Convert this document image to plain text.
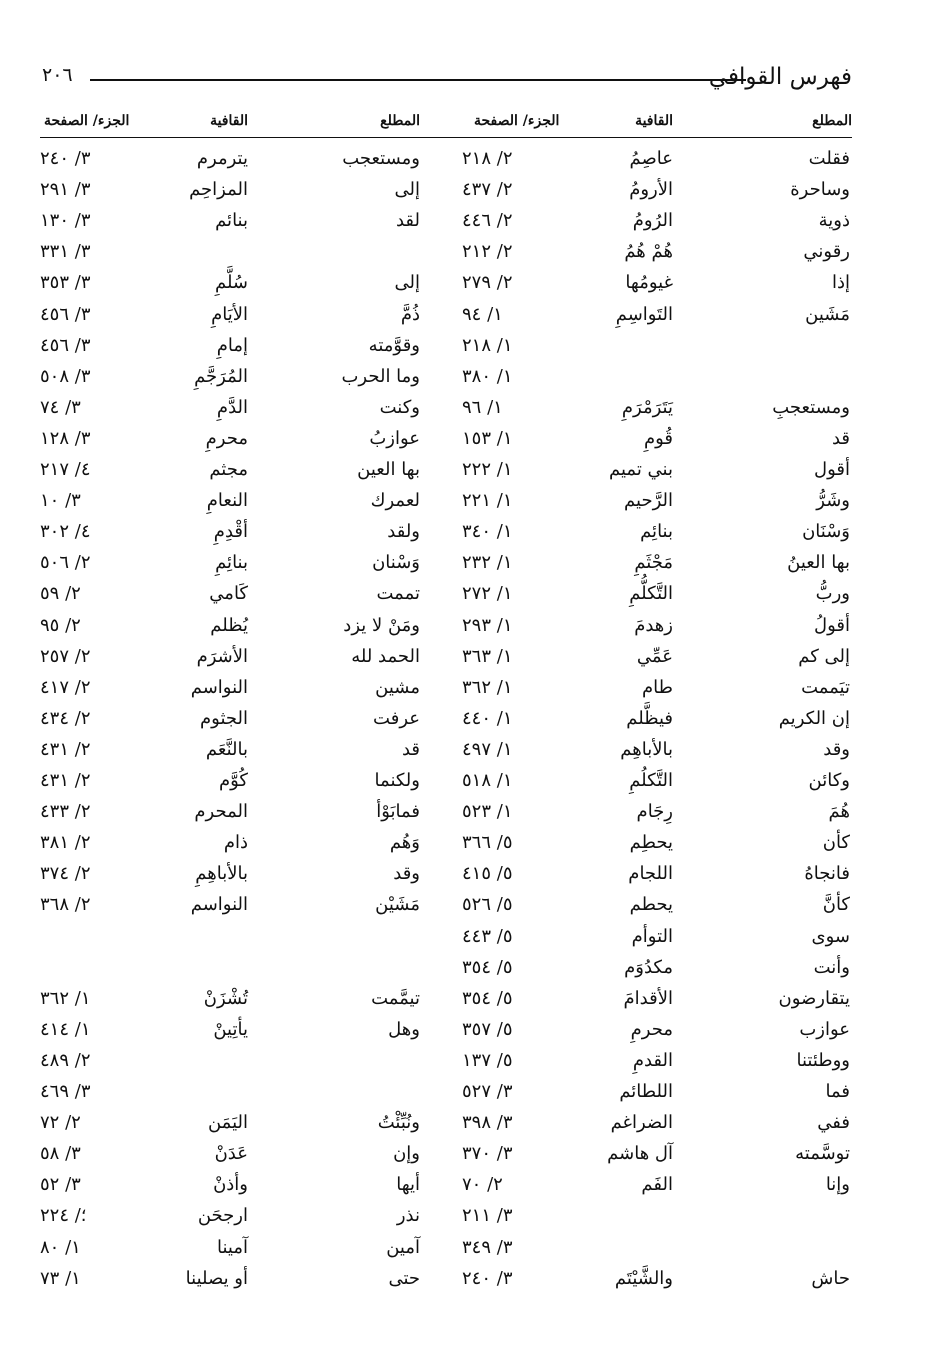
فهرس القوافي
٢٠٦
المطلع
القافية
الجزء/ الصفحة
المطلع
القافية
الجزء/ الصفحة
فقلت
عاصِمُ
٢/ ٢١٨
وساحرة
الأرومُ
٢/ ٤٣٧
ذوية
الرُومُ
٢/ ٤٤٦
رقوني
هُمْ هُمُ
٢/ ٢١٢
إذا
غيومُها
٢/ ٢٧٩
مَشَين
التَواسِمِ
١/ ٩٤
١/ ٢١٨
١/ ٣٨٠
ومستعجبِ
يَتَرَمْرَمِ
١/ ٩٦
قد
قُومِ
١/ ١٥٣
أقول
بني تميم
١/ ٢٢٢
وشَرُّ
الرَّحيم
١/ ٢٢١
وَسْنَان
بنائِم
١/ ٣٤٠
بها العينُ
مَجْثَمِ
١/ ٢٣٢
وربُّ
التَّكلُّمِ
١/ ٢٧٢
أقولُ
زهدمَ
١/ ٢٩٣
إلى كم
عَمِّي
١/ ٣٦٣
تيَممت
طام
١/ ٣٦٢
إن الكريم
فيظَّلم
١/ ٤٤٠
وقد
بالأباهِم
١/ ٤٩٧
وكائن
التَّكلُمِ
١/ ٥١٨
هُمَ
رِجَام
١/ ٥٢٣
كأن
يحطِم
٥/ ٣٦٦
فانجاهُ
اللجام
٥/ ٤١٥
كأنَّ
يحطم
٥/ ٥٢٦
سوى
التوأم
٥/ ٤٤٣
وأنت
مكدُوَم
٥/ ٣٥٤
يتقارضون
الأقدامَ
٥/ ٣٥٤
عوازب
محرمِ
٥/ ٣٥٧
ووطئتنا
القدمِ
٥/ ١٣٧
فما
اللطائم
٣/ ٥٢٧
ففي
الضراغم
٣/ ٣٩٨
توسَّمته
آل هاشم
٣/ ٣٧٠
وإنا
الفَم
٢/ ٧٠
٣/ ٢١١
٣/ ٣٤٩
حاش
والشَّيْتَم
٣/ ٢٤٠
ومستعجب
يترمرم
٣/ ٢٤٠
إلى
المزاحِم
٣/ ٢٩١
لقد
بنائم
٣/ ١٣٠
٣/ ٣٣١
إلى
سُلَّمِ
٣/ ٣٥٣
ذُمَّ
الأيَامِ
٣/ ٤٥٦
وقوَّمته
إمامِ
٣/ ٤٥٦
وما الحرب
المُرَجَّمِ
٣/ ٥٠٨
وكنت
الدَّمِ
٣/ ٧٤
عوازبُ
محرمِ
٣/ ١٢٨
بها العين
مجثم
٤/ ٢١٧
لعمرك
النعامِ
٣/ ١٠
ولقد
أقْدِمِ
٤/ ٣٠٢
وَسْنان
بنائِمِ
٢/ ٥٠٦
تممت
كَامي
٢/ ٥٩
ومَنْ لا يزد
يُظلم
٢/ ٩٥
الحمد لله
الأشرَم
٢/ ٢٥٧
مشين
النواسم
٢/ ٤١٧
عرفت
الجثوم
٢/ ٤٣٤
قد
بالنَّعَم
٢/ ٤٣١
ولكنما
كُوَّم
٢/ ٤٣١
فمابَوْأ
المحرم
٢/ ٤٣٣
وَهُم
ذام
٢/ ٣٨١
وقد
بالأباهِمِ
٢/ ٣٧٤
مَشَيْن
النواسم
٢/ ٣٦٨
تيمَّمت
تُشْزَنْ
١/ ٣٦٢
وهل
يأتِينْ
١/ ٤١٤
٢/ ٤٨٩
٣/ ٤٦٩
ونُبِّئْتُ
اليَمَن
٢/ ٧٢
وإن
عَدَنْ
٣/ ٥٨
أيها
وأذنْ
٣/ ٥٢
نذر
ارجحَن
؛/ ٢٢٤
آمين
آمينا
١/ ٨٠
حتى
أو يصلينا
١/ ٧٣
